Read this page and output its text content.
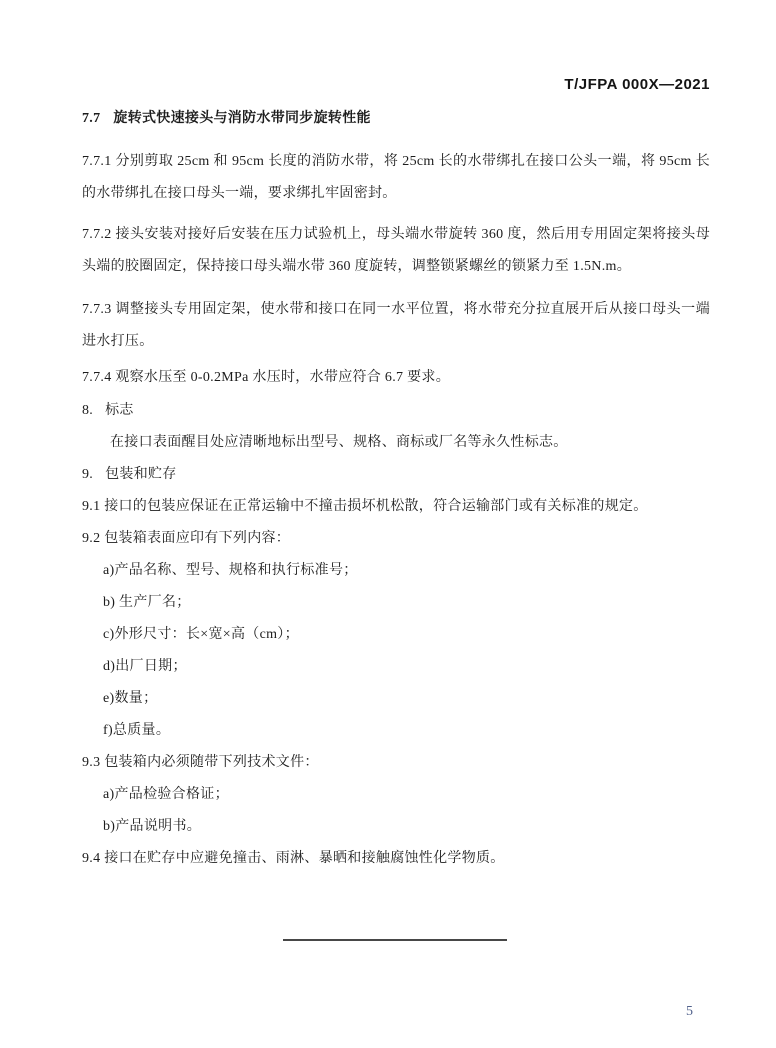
T/JFPA 000X—2021
7.7 旋转式快速接头与消防水带同步旋转性能

7.7.1 分别剪取 25cm 和 95cm 长度的消防水带，将 25cm 长的水带绑扎在接口公头一端，将 95cm 长的水带绑扎在接口母头一端，要求绑扎牢固密封。

7.7.2 接头安装对接好后安装在压力试验机上，母头端水带旋转 360 度，然后用专用固定架将接头母头端的胶圈固定，保持接口母头端水带 360 度旋转，调整锁紧螺丝的锁紧力至 1.5N.m。

7.7.3 调整接头专用固定架，使水带和接口在同一水平位置，将水带充分拉直展开后从接口母头一端进水打压。

7.7.4 观察水压至 0-0.2MPa 水压时，水带应符合 6.7 要求。

8. 标志

在接口表面醒目处应清晰地标出型号、规格、商标或厂名等永久性标志。

9. 包装和贮存

9.1 接口的包装应保证在正常运输中不撞击损坏机松散，符合运输部门或有关标准的规定。

9.2 包装箱表面应印有下列内容：

a)产品名称、型号、规格和执行标准号；

b) 生产厂名；

c)外形尺寸：长×宽×高（cm）；

d)出厂日期；

e)数量；

f)总质量。

9.3 包装箱内必须随带下列技术文件：

a)产品检验合格证；

b)产品说明书。

9.4 接口在贮存中应避免撞击、雨淋、暴晒和接触腐蚀性化学物质。

5
